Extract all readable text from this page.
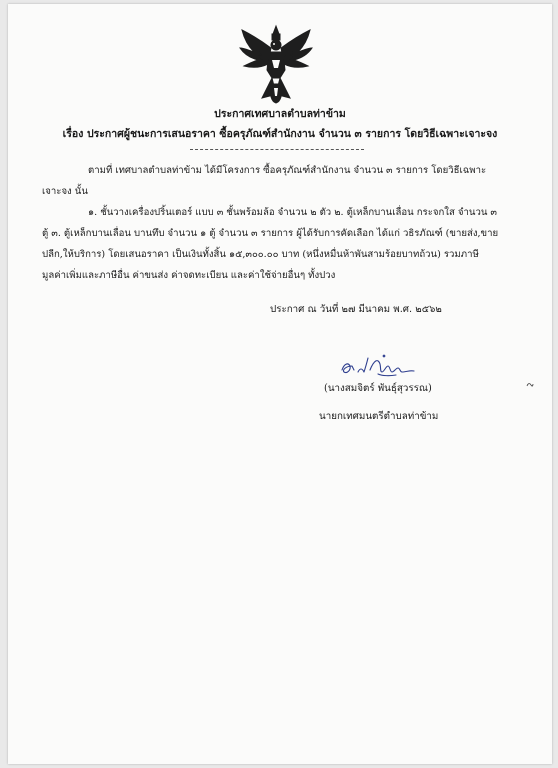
ประกาศเทศบาลตำบลท่าข้าม
เรื่อง ประกาศผู้ชนะการเสนอราคา ซื้อครุภัณฑ์สำนักงาน จำนวน ๓ รายการ โดยวิธีเฉพาะเจาะจง
ตามที่ เทศบาลตำบลท่าข้าม ได้มีโครงการ ซื้อครุภัณฑ์สำนักงาน จำนวน ๓ รายการ โดยวิธีเฉพาะเจาะจง นั้น
๑. ชั้นวางเครื่องปริ้นเตอร์ แบบ ๓ ชั้นพร้อมล้อ จำนวน ๒ ตัว ๒. ตู้เหล็กบานเลื่อน กระจกใส จำนวน ๓ ตู้ ๓. ตู้เหล็กบานเลื่อน บานทึบ จำนวน ๑ ตู้ จำนวน ๓ รายการ ผู้ได้รับการคัดเลือก ได้แก่ วธิรภัณฑ์ (ขายส่ง,ขายปลีก,ให้บริการ) โดยเสนอราคา เป็นเงินทั้งสิ้น ๑๕,๓๐๐.๐๐ บาท (หนึ่งหมื่นห้าพันสามร้อยบาทถ้วน) รวมภาษีมูลค่าเพิ่มและภาษีอื่น ค่าขนส่ง ค่าจดทะเบียน และค่าใช้จ่ายอื่นๆ ทั้งปวง
ประกาศ ณ วันที่ ๒๗ มีนาคม พ.ศ. ๒๕๖๒
(นางสมจิตร์ พันธุ์สุวรรณ)
นายกเทศมนตรีตำบลท่าข้าม
